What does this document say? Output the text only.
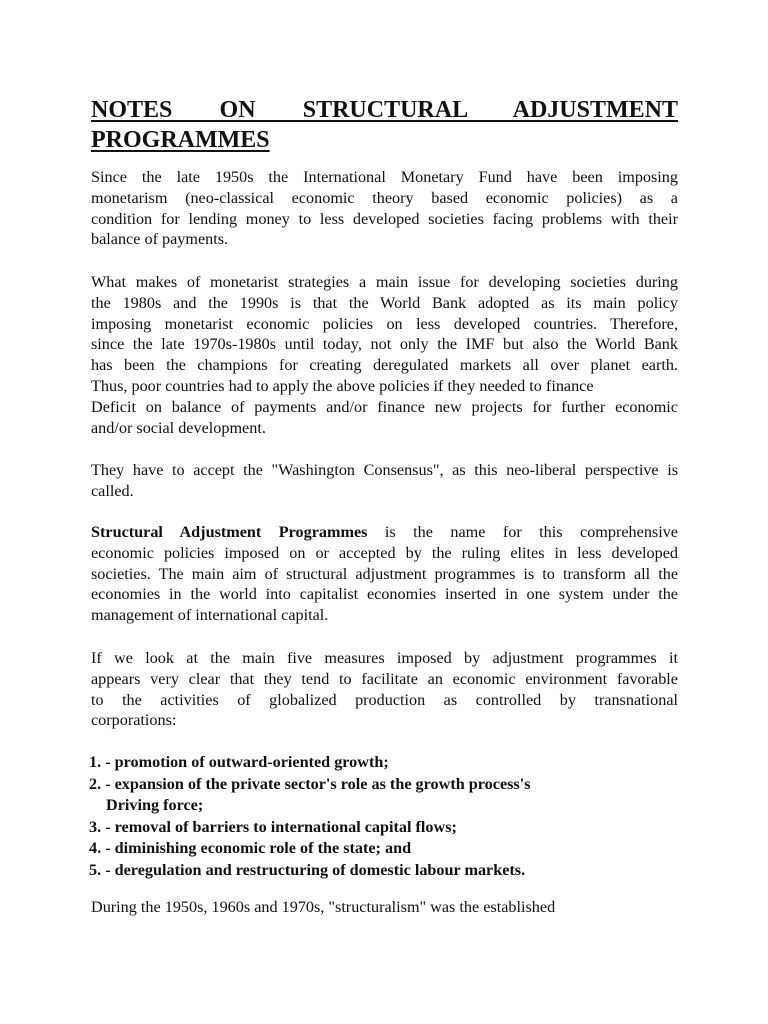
NOTES ON STRUCTURAL ADJUSTMENT
PROGRAMMES

Since the late 1950s the International Monetary Fund have been imposing
monetarism (neo-classical economic theory based economic policies) as a
condition for lending money to less developed societies facing problems with their
balance of payments.

What makes of monetarist strategies a main issue for developing societies during
the 1980s and the 1990s is that the World Bank adopted as its main policy
imposing monetarist economic policies on less developed countries. Therefore,
since the late 1970s-1980s until today, not only the IMF but also the World Bank
has been the champions for creating deregulated markets all over planet earth.
Thus, poor countries had to apply the above policies if they needed to finance
Deficit on balance of payments and/or finance new projects for further economic
and/or social development.

They have to accept the "Washington Consensus", as this neo-liberal perspective is
called.

Structural Adjustment Programmes is the name for this comprehensive
economic policies imposed on or accepted by the ruling elites in less developed
societies. The main aim of structural adjustment programmes is to transform all the
economies in the world into capitalist economies inserted in one system under the
management of international capital.

If we look at the main five measures imposed by adjustment programmes it
appears very clear that they tend to facilitate an economic environment favorable
to the activities of globalized production as controlled by transnational
corporations:

1. - promotion of outward-oriented growth;
2. - expansion of the private sector's role as the growth process's
Driving force;
3. - removal of barriers to international capital flows;
4. - diminishing economic role of the state; and
5. - deregulation and restructuring of domestic labour markets.

During the 1950s, 1960s and 1970s, "structuralism" was the established
